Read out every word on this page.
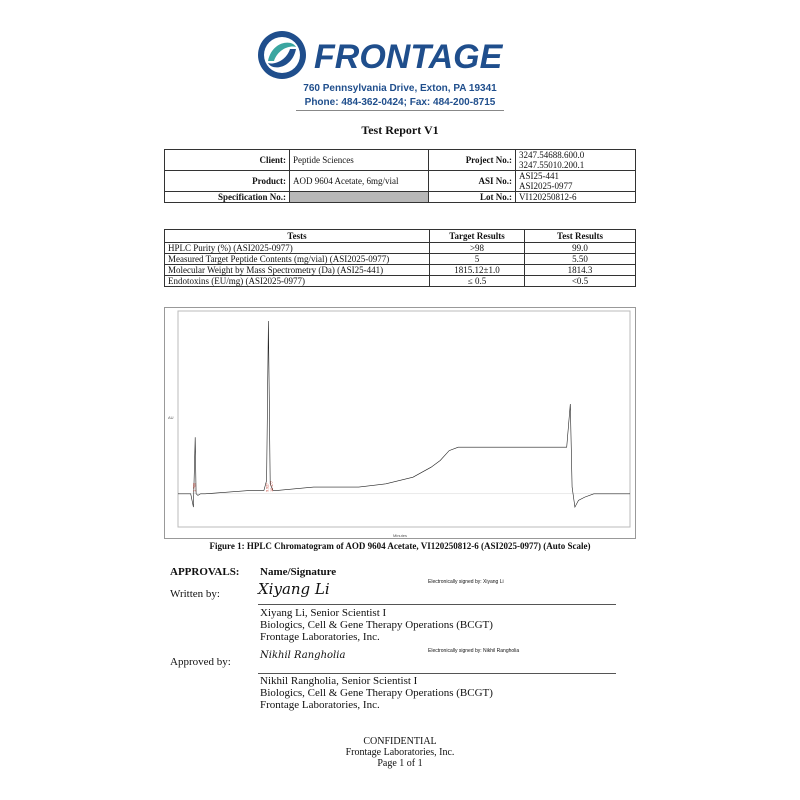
FRONTAGE
760 Pennsylvania Drive, Exton, PA 19341
Phone: 484-362-0424; Fax: 484-200-8715
Test Report V1
Client:	Peptide Sciences	Project No.:	3247.54688.600.0
3247.55010.200.1
Product:	AOD 9604 Acetate, 6mg/vial	ASI No.:	ASI25-441
ASI2025-0977
Specification No.:		Lot No.:	VI120250812-6
Tests	Target Results	Test Results
HPLC Purity (%) (ASI2025-0977)	>98	99.0
Measured Target Peptide Contents (mg/vial) (ASI2025-0977)	5	5.50
Molecular Weight by Mass Spectrometry (Da) (ASI25-441)	1815.12±1.0	1814.3
Endotoxins (EU/mg) (ASI2025-0977)	≤ 0.5	<0.5
AU
Minutes
1.786	9.927 10.177
Figure 1: HPLC Chromatogram of AOD 9604 Acetate, VI120250812-6 (ASI2025-0977) (Auto Scale)
APPROVALS: Name/Signature
Written by:	Xiyang Li	Electronically signed by: Xiyang Li
Xiyang Li, Senior Scientist I
Biologics, Cell & Gene Therapy Operations (BCGT)
Frontage Laboratories, Inc.
Approved by:
Nikhil Rangholia	Electronically signed by: Nikhil Rangholia
Nikhil Rangholia, Senior Scientist I
Biologics, Cell & Gene Therapy Operations (BCGT)
Frontage Laboratories, Inc.
CONFIDENTIAL
Frontage Laboratories, Inc.
Page 1 of 1
